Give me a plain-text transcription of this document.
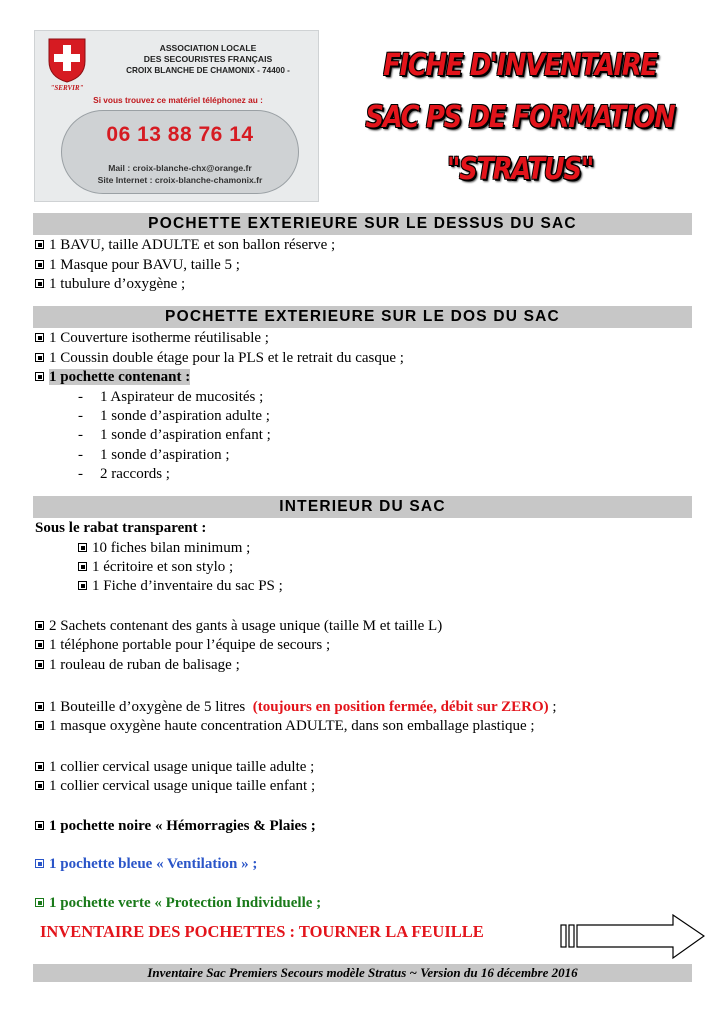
"SERVIR"
ASSOCIATION LOCALE
DES SECOURISTES FRANÇAIS
CROIX BLANCHE DE CHAMONIX - 74400 -
Si vous trouvez ce matériel téléphonez au :
06 13 88 76 14
Mail : croix-blanche-chx@orange.fr
Site Internet : croix-blanche-chamonix.fr
FICHE D'INVENTAIRE
SAC PS DE FORMATION
"STRATUS"
POCHETTE EXTERIEURE SUR LE DESSUS DU SAC
1 BAVU, taille ADULTE et son ballon réserve ;
1 Masque pour BAVU, taille 5 ;
1 tubulure d’oxygène ;
POCHETTE EXTERIEURE SUR LE DOS DU SAC
1 Couverture isotherme réutilisable ;
1 Coussin double étage pour la PLS et le retrait du casque ;
1 pochette contenant :
- 1 Aspirateur de mucosités ;
- 1 sonde d’aspiration adulte ;
- 1 sonde d’aspiration enfant ;
- 1 sonde d’aspiration ;
- 2 raccords ;
INTERIEUR DU SAC
Sous le rabat transparent :
10 fiches bilan minimum ;
1 écritoire et son stylo ;
1 Fiche d’inventaire du sac PS ;
2 Sachets contenant des gants à usage unique (taille M et taille L)
1 téléphone portable pour l’équipe de secours ;
1 rouleau de ruban de balisage ;
1 Bouteille d’oxygène de 5 litres (toujours en position fermée, débit sur ZERO) ;
1 masque oxygène haute concentration ADULTE, dans son emballage plastique ;
1 collier cervical usage unique taille adulte ;
1 collier cervical usage unique taille enfant ;
1 pochette noire « Hémorragies & Plaies ;
1 pochette bleue « Ventilation » ;
1 pochette verte « Protection Individuelle ;
INVENTAIRE DES POCHETTES : TOURNER LA FEUILLE
Inventaire Sac Premiers Secours modèle Stratus ~ Version du 16 décembre 2016
